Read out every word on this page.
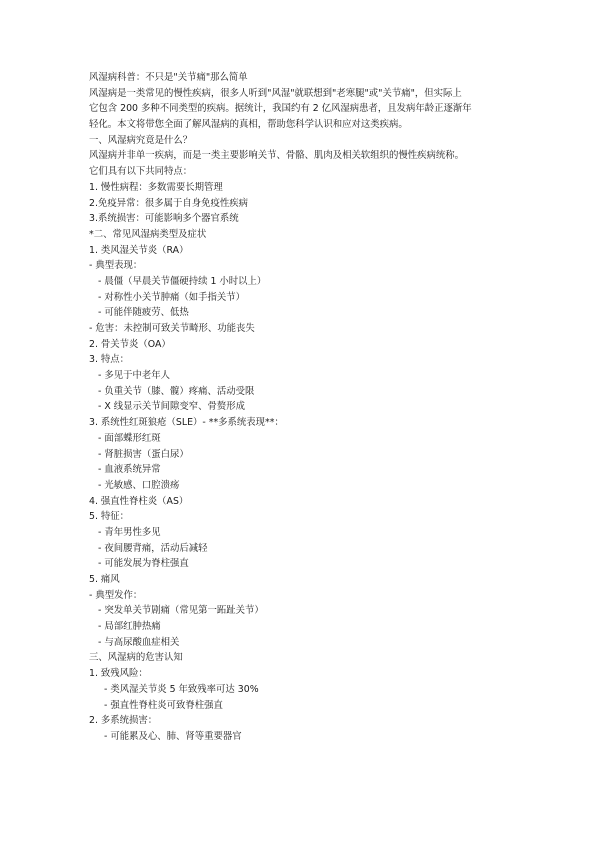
风湿病科普：不只是"关节痛"那么简单
风湿病是一类常见的慢性疾病，很多人听到"风湿"就联想到"老寒腿"或"关节痛"，但实际上
它包含 200 多种不同类型的疾病。据统计，我国约有 2 亿风湿病患者，且发病年龄正逐渐年
轻化。本文将带您全面了解风湿病的真相，帮助您科学认识和应对这类疾病。
一、风湿病究竟是什么？
风湿病并非单一疾病，而是一类主要影响关节、骨骼、肌肉及相关软组织的慢性疾病统称。
它们具有以下共同特点：
1. 慢性病程：多数需要长期管理
2.免疫异常：很多属于自身免疫性疾病
3.系统损害：可能影响多个器官系统
*二、常见风湿病类型及症状
1. 类风湿关节炎（RA）
- 典型表现：
- 晨僵（早晨关节僵硬持续 1 小时以上）
- 对称性小关节肿痛（如手指关节）
- 可能伴随疲劳、低热
- 危害：未控制可致关节畸形、功能丧失
2. 骨关节炎（OA）
3. 特点：
- 多见于中老年人
- 负重关节（膝、髋）疼痛、活动受限
- X 线显示关节间隙变窄、骨赘形成
3. 系统性红斑狼疮（SLE）- **多系统表现**：
- 面部蝶形红斑
- 肾脏损害（蛋白尿）
- 血液系统异常
- 光敏感、口腔溃疡
4. 强直性脊柱炎（AS）
5. 特征：
- 青年男性多见
- 夜间腰背痛，活动后减轻
- 可能发展为脊柱强直
5. 痛风
- 典型发作：
- 突发单关节剧痛（常见第一跖趾关节）
- 局部红肿热痛
- 与高尿酸血症相关
三、风湿病的危害认知
1. 致残风险：
- 类风湿关节炎 5 年致残率可达 30%
- 强直性脊柱炎可致脊柱强直
2. 多系统损害：
- 可能累及心、肺、肾等重要器官
